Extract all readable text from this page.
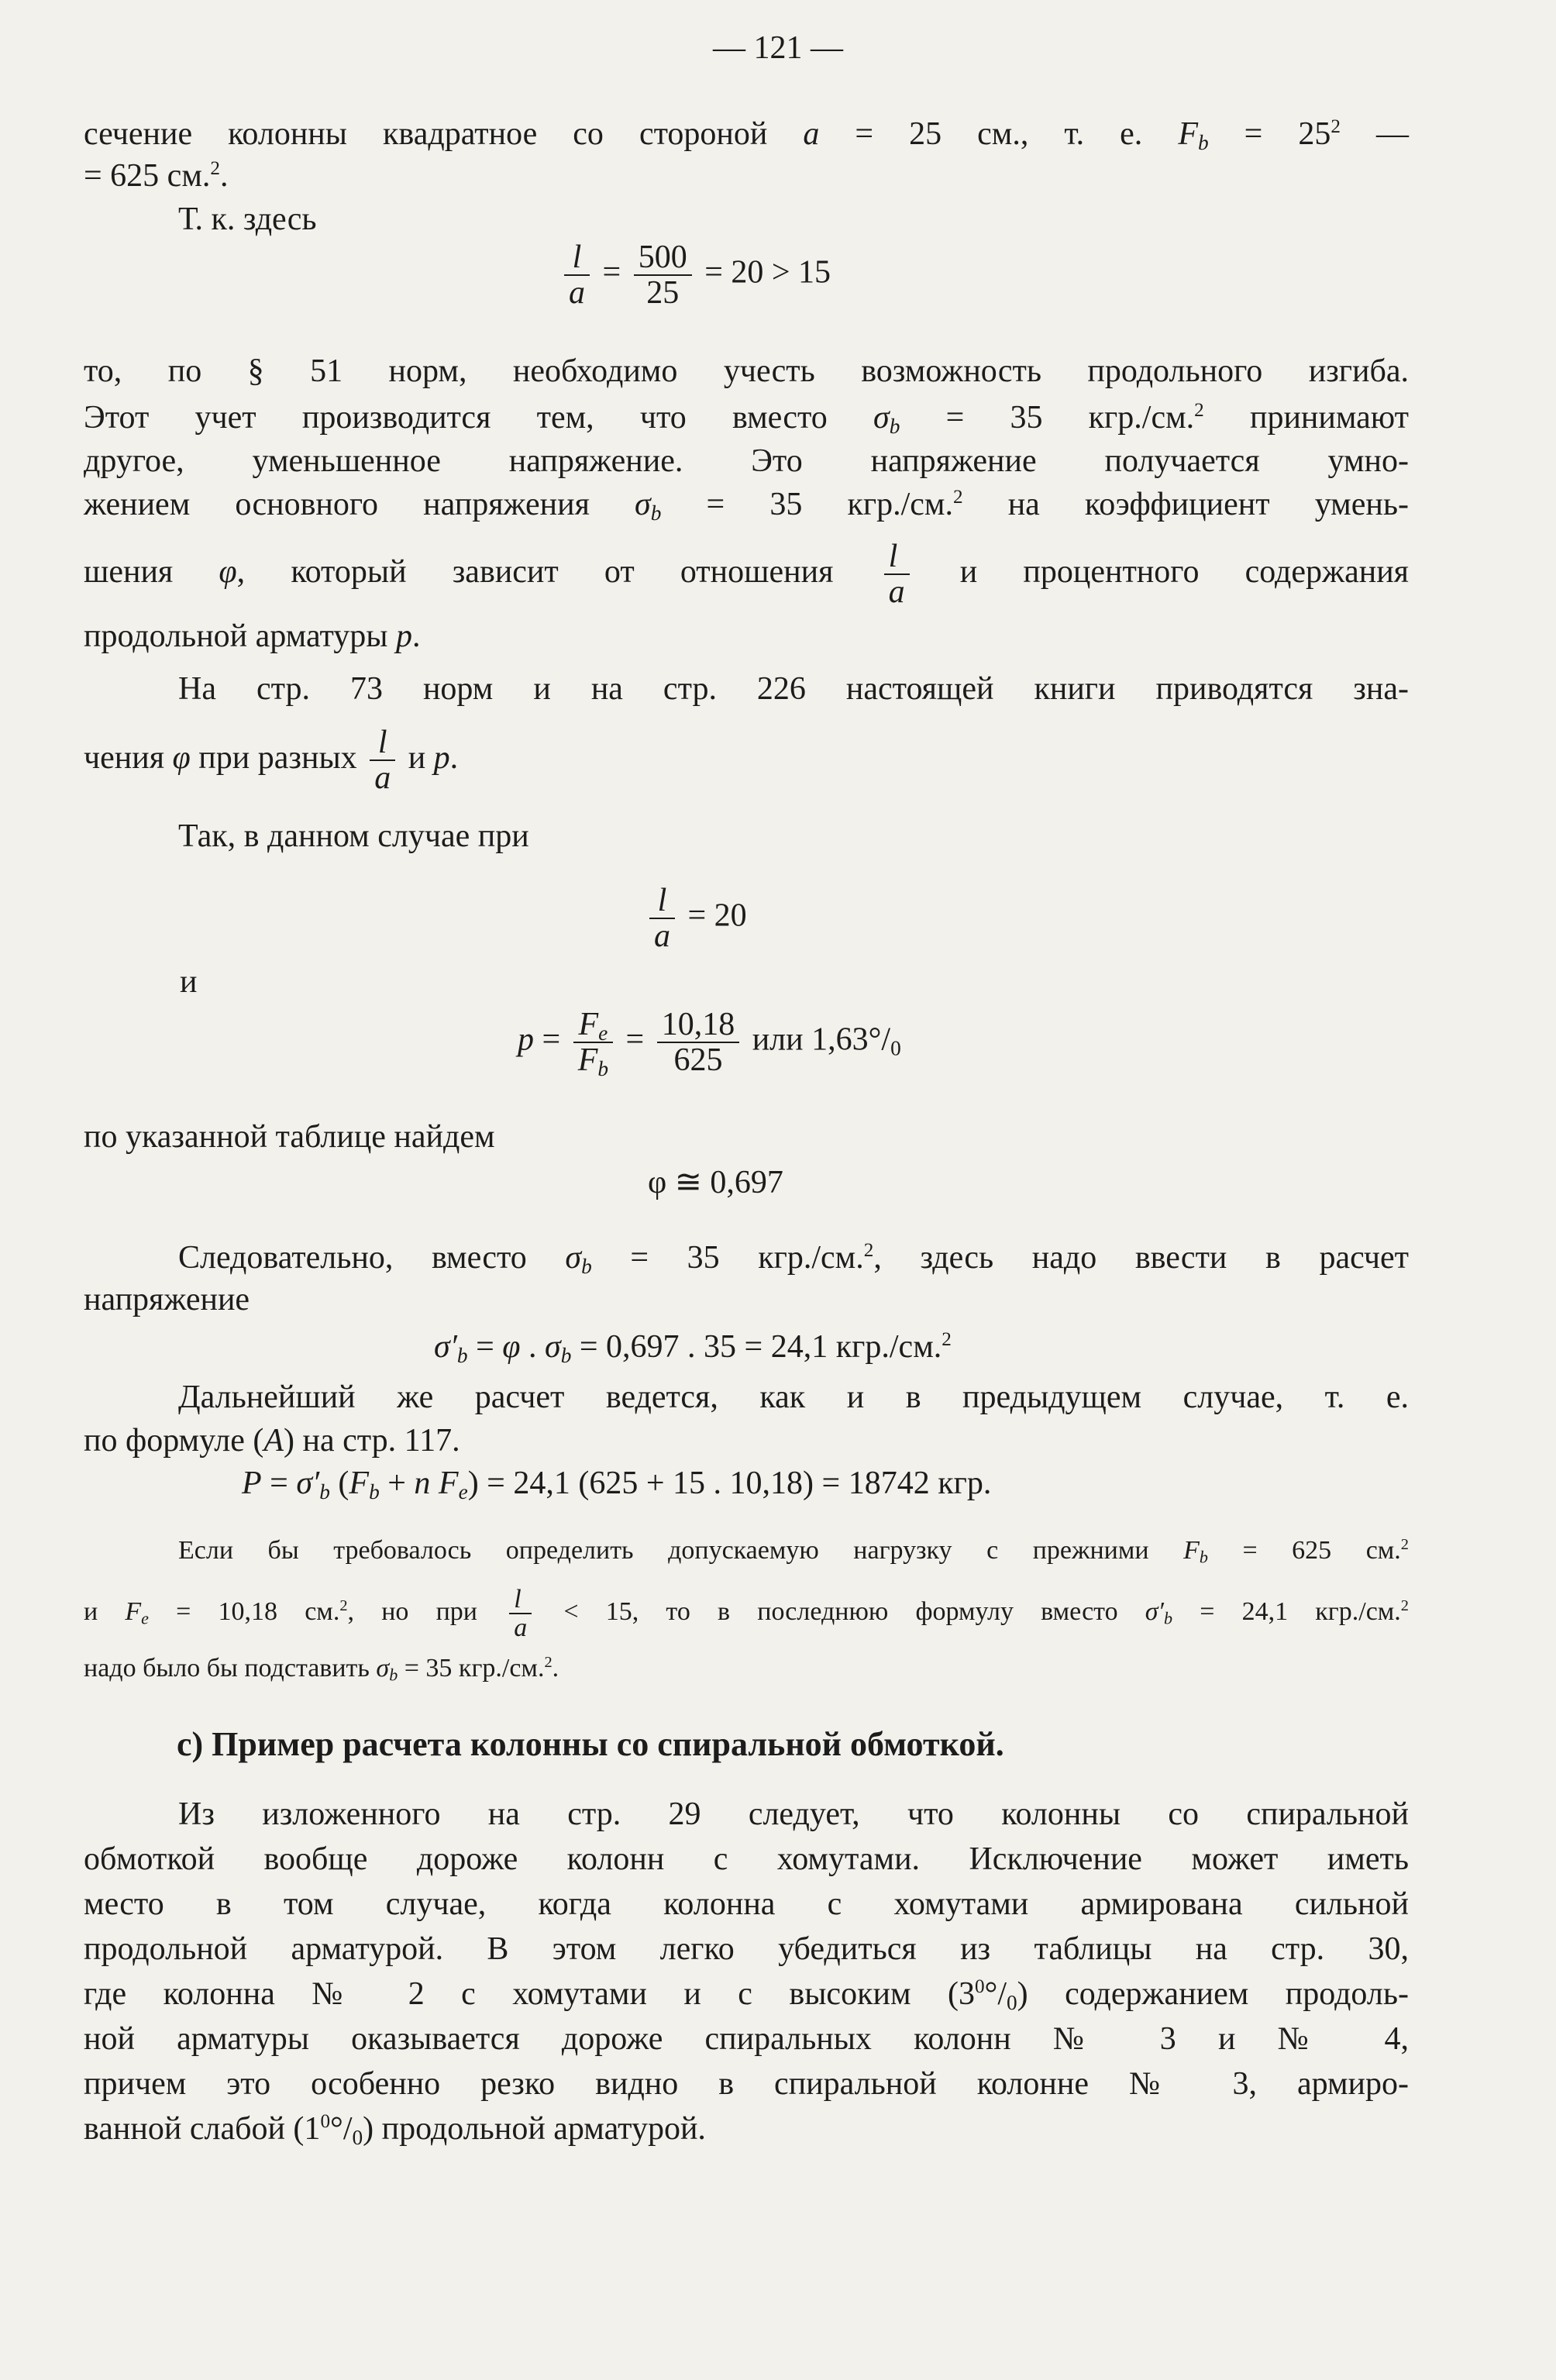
— 121 —
сечение колонны квадратное со стороной a = 25 см., т. е. $F_b = 25^2$ —
= 625 см.$^2$.
Т. к. здесь
$\frac{l}{a} = \frac{500}{25} = 20 > 15$
то, по § 51 норм, необходимо учесть возможность продольного изгиба.
Этот учет производится тем, что вместо $\sigma_b = 35$ кгр./см.$^2$ принимают
другое, уменьшенное напряжение. Это напряжение получается умно-
жением основного напряжения $\sigma_b = 35$ кгр./см.$^2$ на коэффициент умень-
шения φ, который зависит от отношения $\frac{l}{a}$ и процентного содержания
продольной арматуры p.
На стр. 73 норм и на стр. 226 настоящей книги приводятся зна-
чения φ при разных $\frac{l}{a}$ и p.
Так, в данном случае при
$\frac{l}{a} = 20$
и
$p = \frac{F_e}{F_b} = \frac{10,18}{625}$ или $1,63^\circ/_0$
по указанной таблице найдем
φ ≅ 0,697
Следовательно, вместо $\sigma_b = 35$ кгр./см.$^2$, здесь надо ввести в расчет
напряжение
$\sigma'_b = \varphi$ . $\sigma_b = 0,697$ . 35 = 24,1 кгр./см.$^2$
Дальнейший же расчет ведется, как и в предыдущем случае, т. е.
по формуле (A) на стр. 117.
$P = \sigma'_b$ ($F_b + n$ $F_e) = 24,1$ (625 + 15 . 10,18) = 18742 кгр.
Если бы требовалось определить допускаемую нагрузку с прежними $F_b = 625$ см.$^2$
и $F_e = 10,18$ см.$^2$, но при $\frac{l}{a} < 15$, то в последнюю формулу вместо $\sigma'_b = 24,1$ кгр./см.$^2$
надо было бы подставить $\sigma_b = 35$ кгр./см.$^2$.
c) Пример расчета колонны со спиральной обмоткой.
Из изложенного на стр. 29 следует, что колонны со спиральной
обмоткой вообще дороже колонн с хомутами. Исключение может иметь
место в том случае, когда колонна с хомутами армирована сильной
продольной арматурой. В этом легко убедиться из таблицы на стр. 30,
где колонна № 2 с хомутами и с высоким $(3^0^\circ/_0)$ содержанием продоль-
ной арматуры оказывается дороже спиральных колонн № 3 и № 4,
причем это особенно резко видно в спиральной колонне № 3, армиро-
ванной слабой $(1^0^\circ/_0)$ продольной арматурой.
